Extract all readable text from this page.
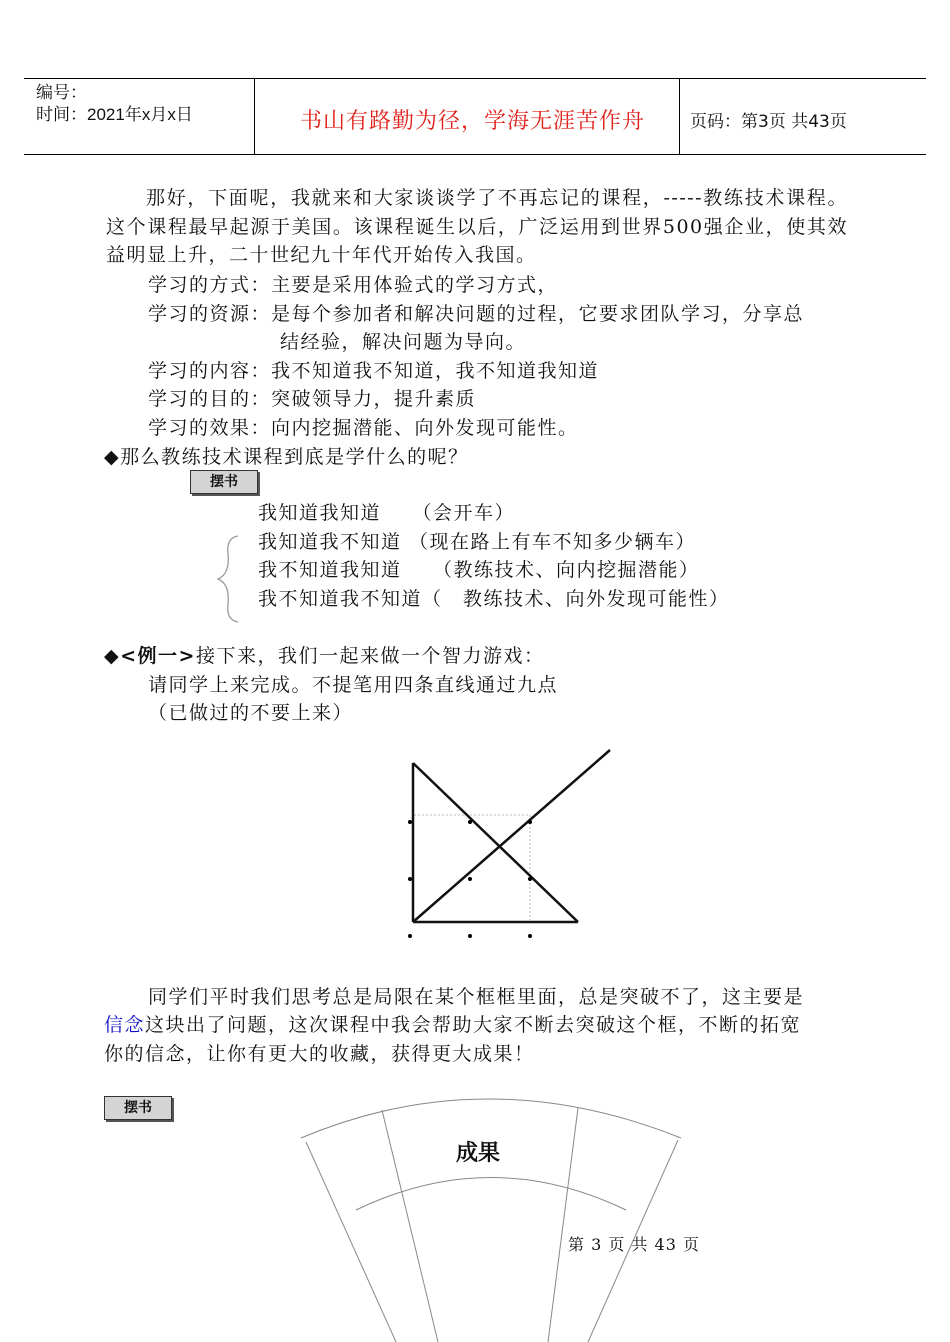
编号：
时间：2021年x月x日	书山有路勤为径，学海无涯苦作舟	页码：第3页 共43页
那好，下面呢，我就来和大家谈谈学了不再忘记的课程，-----教练技术课程。这个课程最早起源于美国。该课程诞生以后，广泛运用到世界500强企业，使其效益明显上升，二十世纪九十年代开始传入我国。
学习的方式：主要是采用体验式的学习方式，
学习的资源：是每个参加者和解决问题的过程，它要求团队学习，分享总
结经验，解决问题为导向。
学习的内容：我不知道我不知道，我不知道我知道
学习的目的：突破领导力，提升素质
学习的效果：向内挖掘潜能、向外发现可能性。
◆那么教练技术课程到底是学什么的呢？
摆书
我知道我知道　　（会开车）
我知道我不知道 （现在路上有车不知多少辆车）
我不知道我知道　　（教练技术、向内挖掘潜能）
我不知道我不知道（　教练技术、向外发现可能性）
◆<例一>接下来，我们一起来做一个智力游戏：
请同学上来完成。不提笔用四条直线通过九点
（已做过的不要上来）
同学们平时我们思考总是局限在某个框框里面，总是突破不了，这主要是
信念这块出了问题，这次课程中我会帮助大家不断去突破这个框，不断的拓宽
你的信念，让你有更大的收藏，获得更大成果！
摆书
成果
第 3 页 共 43 页
